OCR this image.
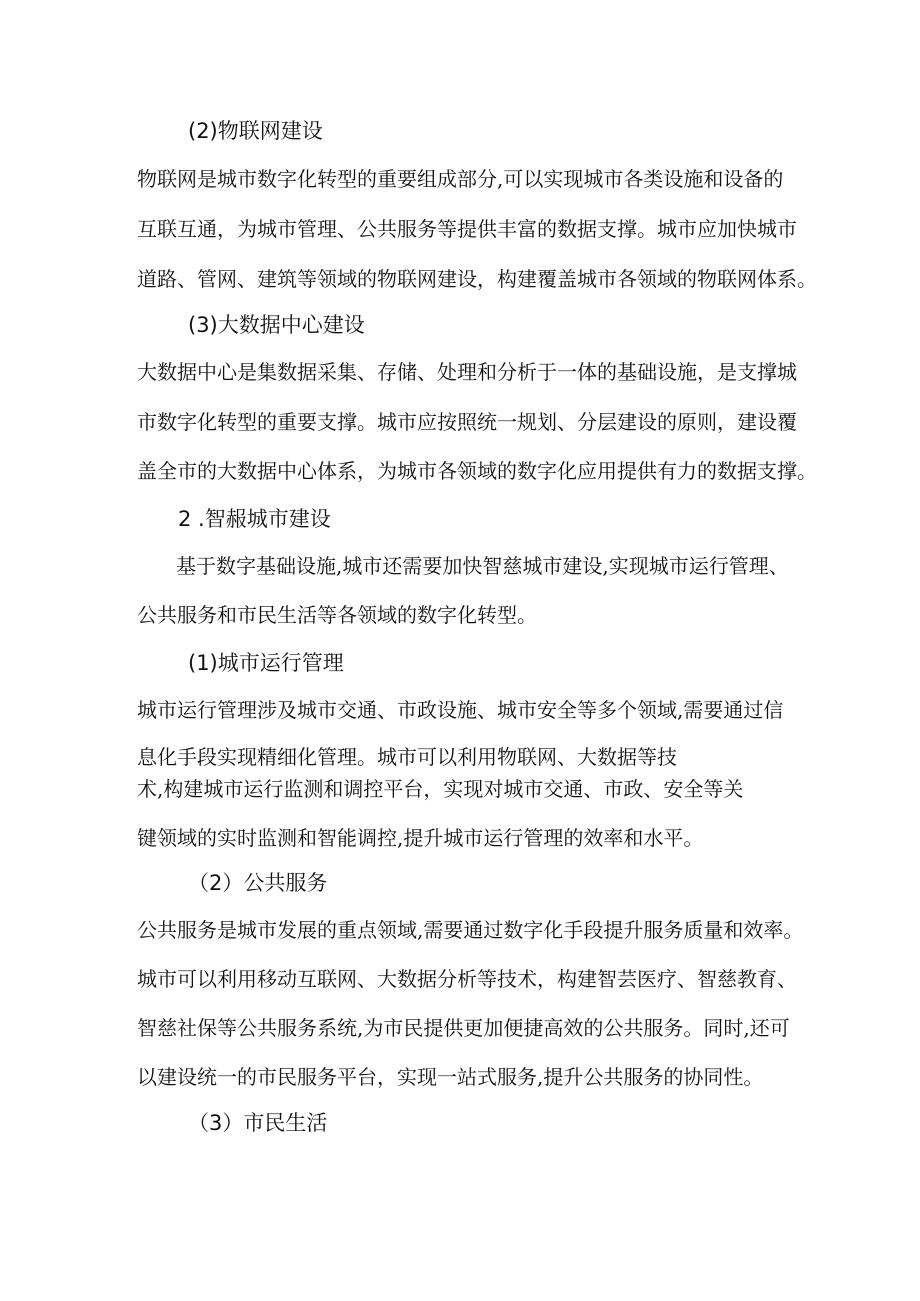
(2)物联网建设

物联网是城市数字化转型的重要组成部分,可以实现城市各类设施和设备的

互联互通，为城市管理、公共服务等提供丰富的数据支撑。城市应加快城市

道路、管网、建筑等领域的物联网建设，构建覆盖城市各领域的物联网体系。

(3)大数据中心建设

大数据中心是集数据采集、存储、处理和分析于一体的基础设施，是支撑城

市数字化转型的重要支撑。城市应按照统一规划、分层建设的原则，建设覆

盖全市的大数据中心体系，为城市各领域的数字化应用提供有力的数据支撑。

2 .智赧城市建设

基于数字基础设施,城市还需要加快智慈城市建设,实现城市运行管理、

公共服务和市民生活等各领域的数字化转型。

(1)城市运行管理

城市运行管理涉及城市交通、市政设施、城市安全等多个领域,需要通过信

息化手段实现精细化管理。城市可以利用物联网、大数据等技

术,构建城市运行监测和调控平台，实现对城市交通、市政、安全等关

键领域的实时监测和智能调控,提升城市运行管理的效率和水平。

（2）公共服务

公共服务是城市发展的重点领域,需要通过数字化手段提升服务质量和效率。

城市可以利用移动互联网、大数据分析等技术，构建智芸医疗、智慈教育、

智慈社保等公共服务系统,为市民提供更加便捷高效的公共服务。同时,还可

以建设统一的市民服务平台，实现一站式服务,提升公共服务的协同性。

（3）市民生活
